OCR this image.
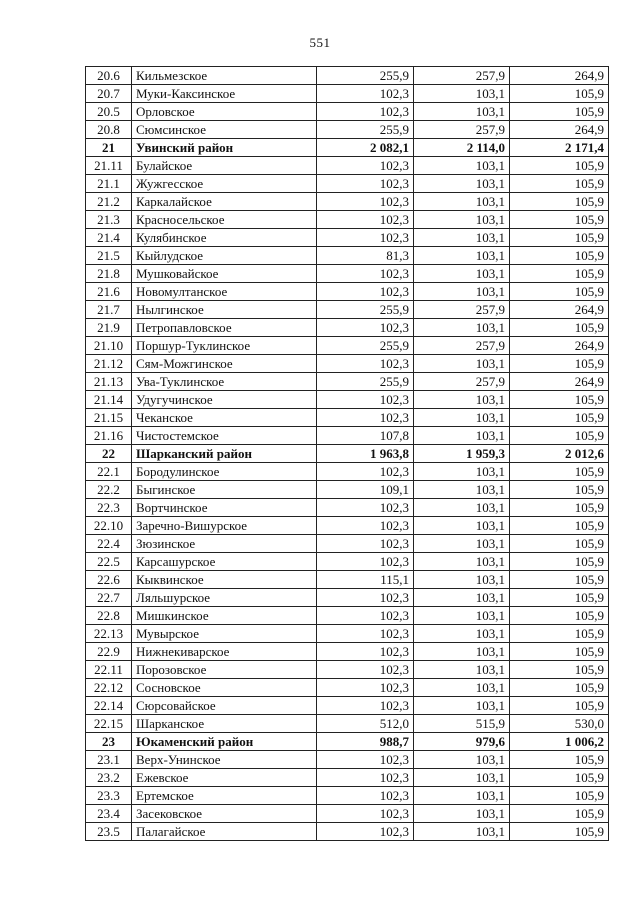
551
20.6	Кильмезское	255,9	257,9	264,9
20.7	Муки-Каксинское	102,3	103,1	105,9
20.5	Орловское	102,3	103,1	105,9
20.8	Сюмсинское	255,9	257,9	264,9
21	Увинский район	2 082,1	2 114,0	2 171,4
21.11	Булайское	102,3	103,1	105,9
21.1	Жужгесское	102,3	103,1	105,9
21.2	Каркалайское	102,3	103,1	105,9
21.3	Красносельское	102,3	103,1	105,9
21.4	Кулябинское	102,3	103,1	105,9
21.5	Кыйлудское	81,3	103,1	105,9
21.8	Мушковайское	102,3	103,1	105,9
21.6	Новомултанское	102,3	103,1	105,9
21.7	Нылгинское	255,9	257,9	264,9
21.9	Петропавловское	102,3	103,1	105,9
21.10	Поршур-Туклинское	255,9	257,9	264,9
21.12	Сям-Можгинское	102,3	103,1	105,9
21.13	Ува-Туклинское	255,9	257,9	264,9
21.14	Удугучинское	102,3	103,1	105,9
21.15	Чеканское	102,3	103,1	105,9
21.16	Чистостемское	107,8	103,1	105,9
22	Шарканский район	1 963,8	1 959,3	2 012,6
22.1	Бородулинское	102,3	103,1	105,9
22.2	Быгинское	109,1	103,1	105,9
22.3	Вортчинское	102,3	103,1	105,9
22.10	Заречно-Вишурское	102,3	103,1	105,9
22.4	Зюзинское	102,3	103,1	105,9
22.5	Карсашурское	102,3	103,1	105,9
22.6	Кыквинское	115,1	103,1	105,9
22.7	Ляльшурское	102,3	103,1	105,9
22.8	Мишкинское	102,3	103,1	105,9
22.13	Мувырское	102,3	103,1	105,9
22.9	Нижнекиварское	102,3	103,1	105,9
22.11	Порозовское	102,3	103,1	105,9
22.12	Сосновское	102,3	103,1	105,9
22.14	Сюрсовайское	102,3	103,1	105,9
22.15	Шарканское	512,0	515,9	530,0
23	Юкаменский район	988,7	979,6	1 006,2
23.1	Верх-Унинское	102,3	103,1	105,9
23.2	Ежевское	102,3	103,1	105,9
23.3	Ертемское	102,3	103,1	105,9
23.4	Засековское	102,3	103,1	105,9
23.5	Палагайское	102,3	103,1	105,9
